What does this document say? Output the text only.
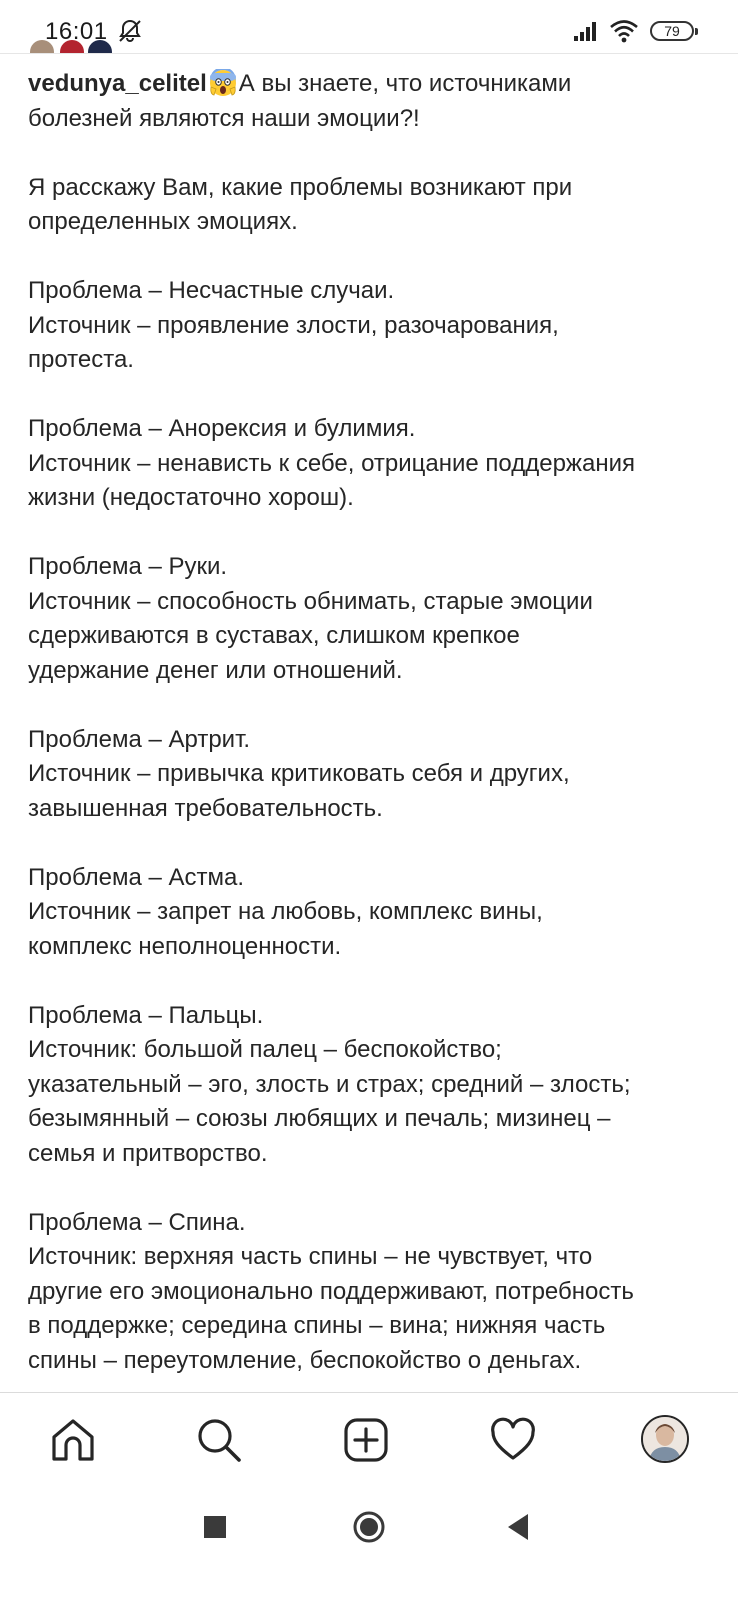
16:01	79

vedunya_celitel А вы знаете, что источниками
болезней являются наши эмоции?!

Я расскажу Вам, какие проблемы возникают при
определенных эмоциях.

Проблема – Несчастные случаи.
Источник – проявление злости, разочарования,
протеста.

Проблема – Анорексия и булимия.
Источник – ненависть к себе, отрицание поддержания
жизни (недостаточно хорош).

Проблема – Руки.
Источник – способность обнимать, старые эмоции
сдерживаются в суставах, слишком крепкое
удержание денег или отношений.

Проблема – Артрит.
Источник – привычка критиковать себя и других,
завышенная требовательность.

Проблема – Астма.
Источник – запрет на любовь, комплекс вины,
комплекс неполноценности.

Проблема – Пальцы.
Источник: большой палец – беспокойство;
указательный – эго, злость и страх; средний – злость;
безымянный – союзы любящих и печаль; мизинец –
семья и притворство.

Проблема – Спина.
Источник: верхняя часть спины – не чувствует, что
другие его эмоционально поддерживают, потребность
в поддержке; середина спины – вина; нижняя часть
спины – переутомление, беспокойство о деньгах.
